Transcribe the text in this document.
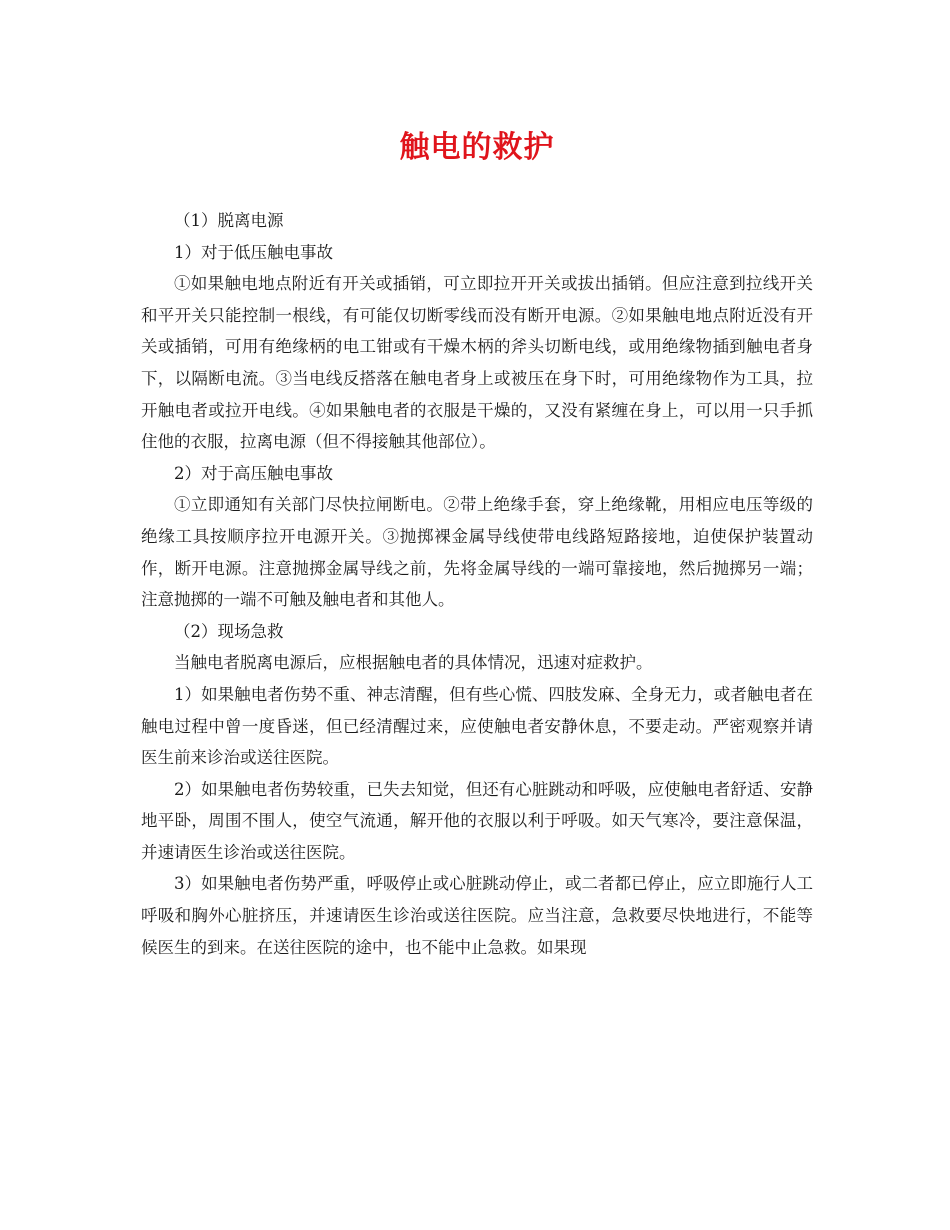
触电的救护

（1）脱离电源

1）对于低压触电事故

①如果触电地点附近有开关或插销，可立即拉开开关或拔出插销。但应注意到拉线开关和平开关只能控制一根线，有可能仅切断零线而没有断开电源。②如果触电地点附近没有开关或插销，可用有绝缘柄的电工钳或有干燥木柄的斧头切断电线，或用绝缘物插到触电者身下，以隔断电流。③当电线反搭落在触电者身上或被压在身下时，可用绝缘物作为工具，拉开触电者或拉开电线。④如果触电者的衣服是干燥的，又没有紧缠在身上，可以用一只手抓住他的衣服，拉离电源（但不得接触其他部位）。

2）对于高压触电事故

①立即通知有关部门尽快拉闸断电。②带上绝缘手套，穿上绝缘靴，用相应电压等级的绝缘工具按顺序拉开电源开关。③抛掷裸金属导线使带电线路短路接地，迫使保护装置动作，断开电源。注意抛掷金属导线之前，先将金属导线的一端可靠接地，然后抛掷另一端；注意抛掷的一端不可触及触电者和其他人。

（2）现场急救

当触电者脱离电源后，应根据触电者的具体情况，迅速对症救护。

1）如果触电者伤势不重、神志清醒，但有些心慌、四肢发麻、全身无力，或者触电者在触电过程中曾一度昏迷，但已经清醒过来，应使触电者安静休息，不要走动。严密观察并请医生前来诊治或送往医院。

2）如果触电者伤势较重，已失去知觉，但还有心脏跳动和呼吸，应使触电者舒适、安静地平卧，周围不围人，使空气流通，解开他的衣服以利于呼吸。如天气寒冷，要注意保温，并速请医生诊治或送往医院。

3）如果触电者伤势严重，呼吸停止或心脏跳动停止，或二者都已停止，应立即施行人工呼吸和胸外心脏挤压，并速请医生诊治或送往医院。应当注意，急救要尽快地进行，不能等候医生的到来。在送往医院的途中，也不能中止急救。如果现
